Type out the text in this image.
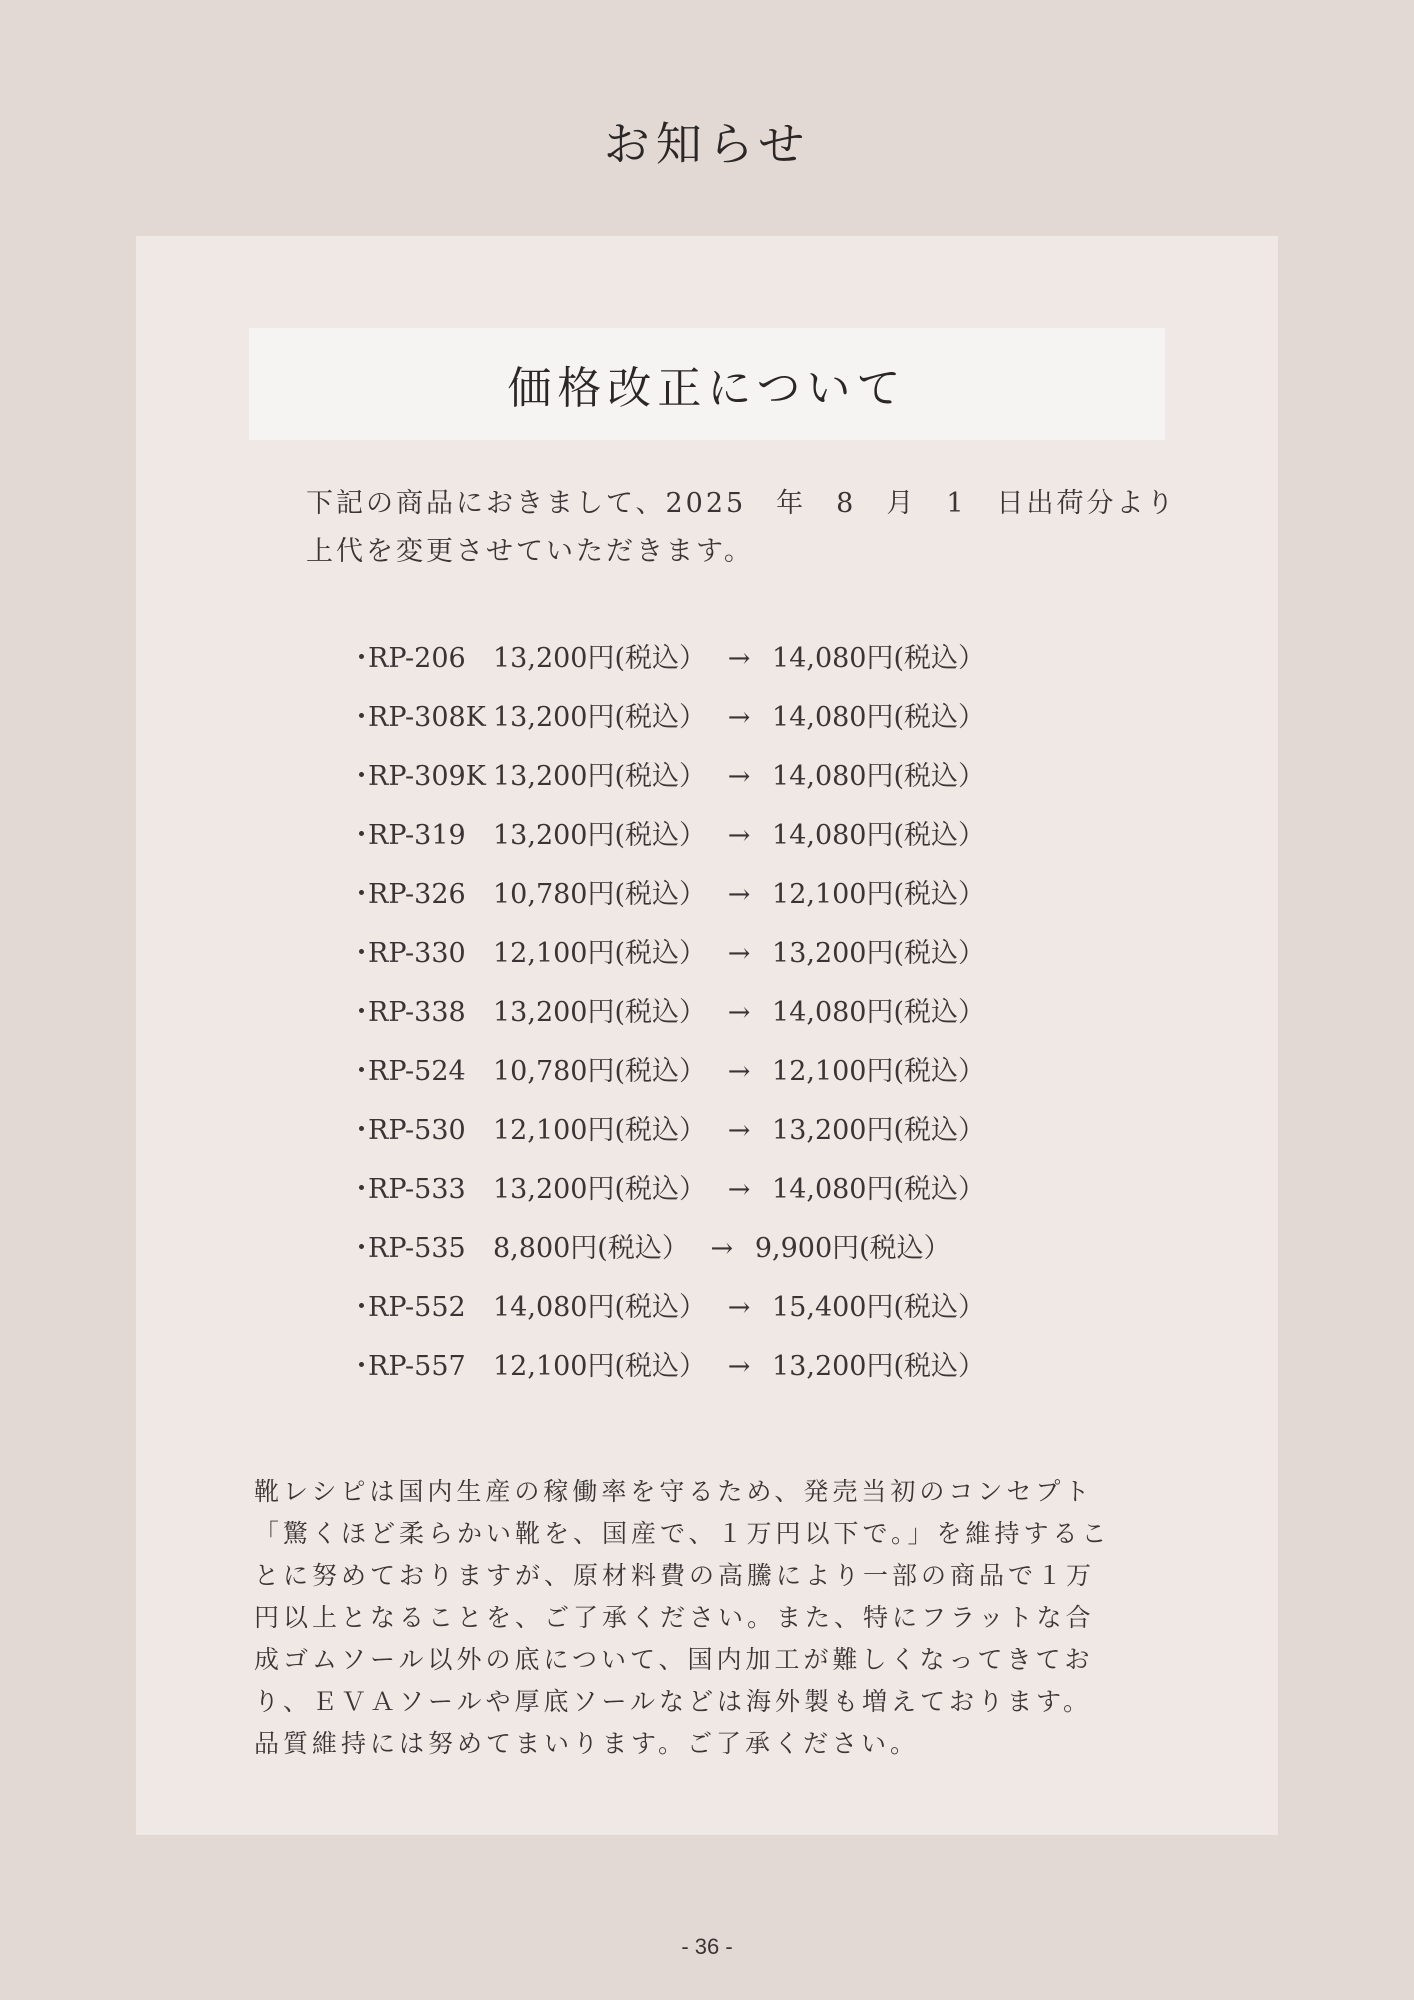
お知らせ
価格改正について
下記の商品におきまして、2025　年　8　月　1　日出荷分より
上代を変更させていただきます。
・RP-206 13,200円(税込） → 14,080円(税込）
・RP-308K 13,200円(税込） → 14,080円(税込）
・RP-309K 13,200円(税込） → 14,080円(税込）
・RP-319 13,200円(税込） → 14,080円(税込）
・RP-326 10,780円(税込） → 12,100円(税込）
・RP-330 12,100円(税込） → 13,200円(税込）
・RP-338 13,200円(税込） → 14,080円(税込）
・RP-524 10,780円(税込） → 12,100円(税込）
・RP-530 12,100円(税込） → 13,200円(税込）
・RP-533 13,200円(税込） → 14,080円(税込）
・RP-535 8,800円(税込） → 9,900円(税込）
・RP-552 14,080円(税込） → 15,400円(税込）
・RP-557 12,100円(税込） → 13,200円(税込）
靴レシピは国内生産の稼働率を守るため、発売当初のコンセプト
「驚くほど柔らかい靴を、国産で、１万円以下で。」を維持するこ
とに努めておりますが、原材料費の高騰により一部の商品で１万
円以上となることを、ご了承ください。また、特にフラットな合
成ゴムソール以外の底について、国内加工が難しくなってきてお
り、ＥＶＡソールや厚底ソールなどは海外製も増えております。
品質維持には努めてまいります。ご了承ください。
- 36 -
